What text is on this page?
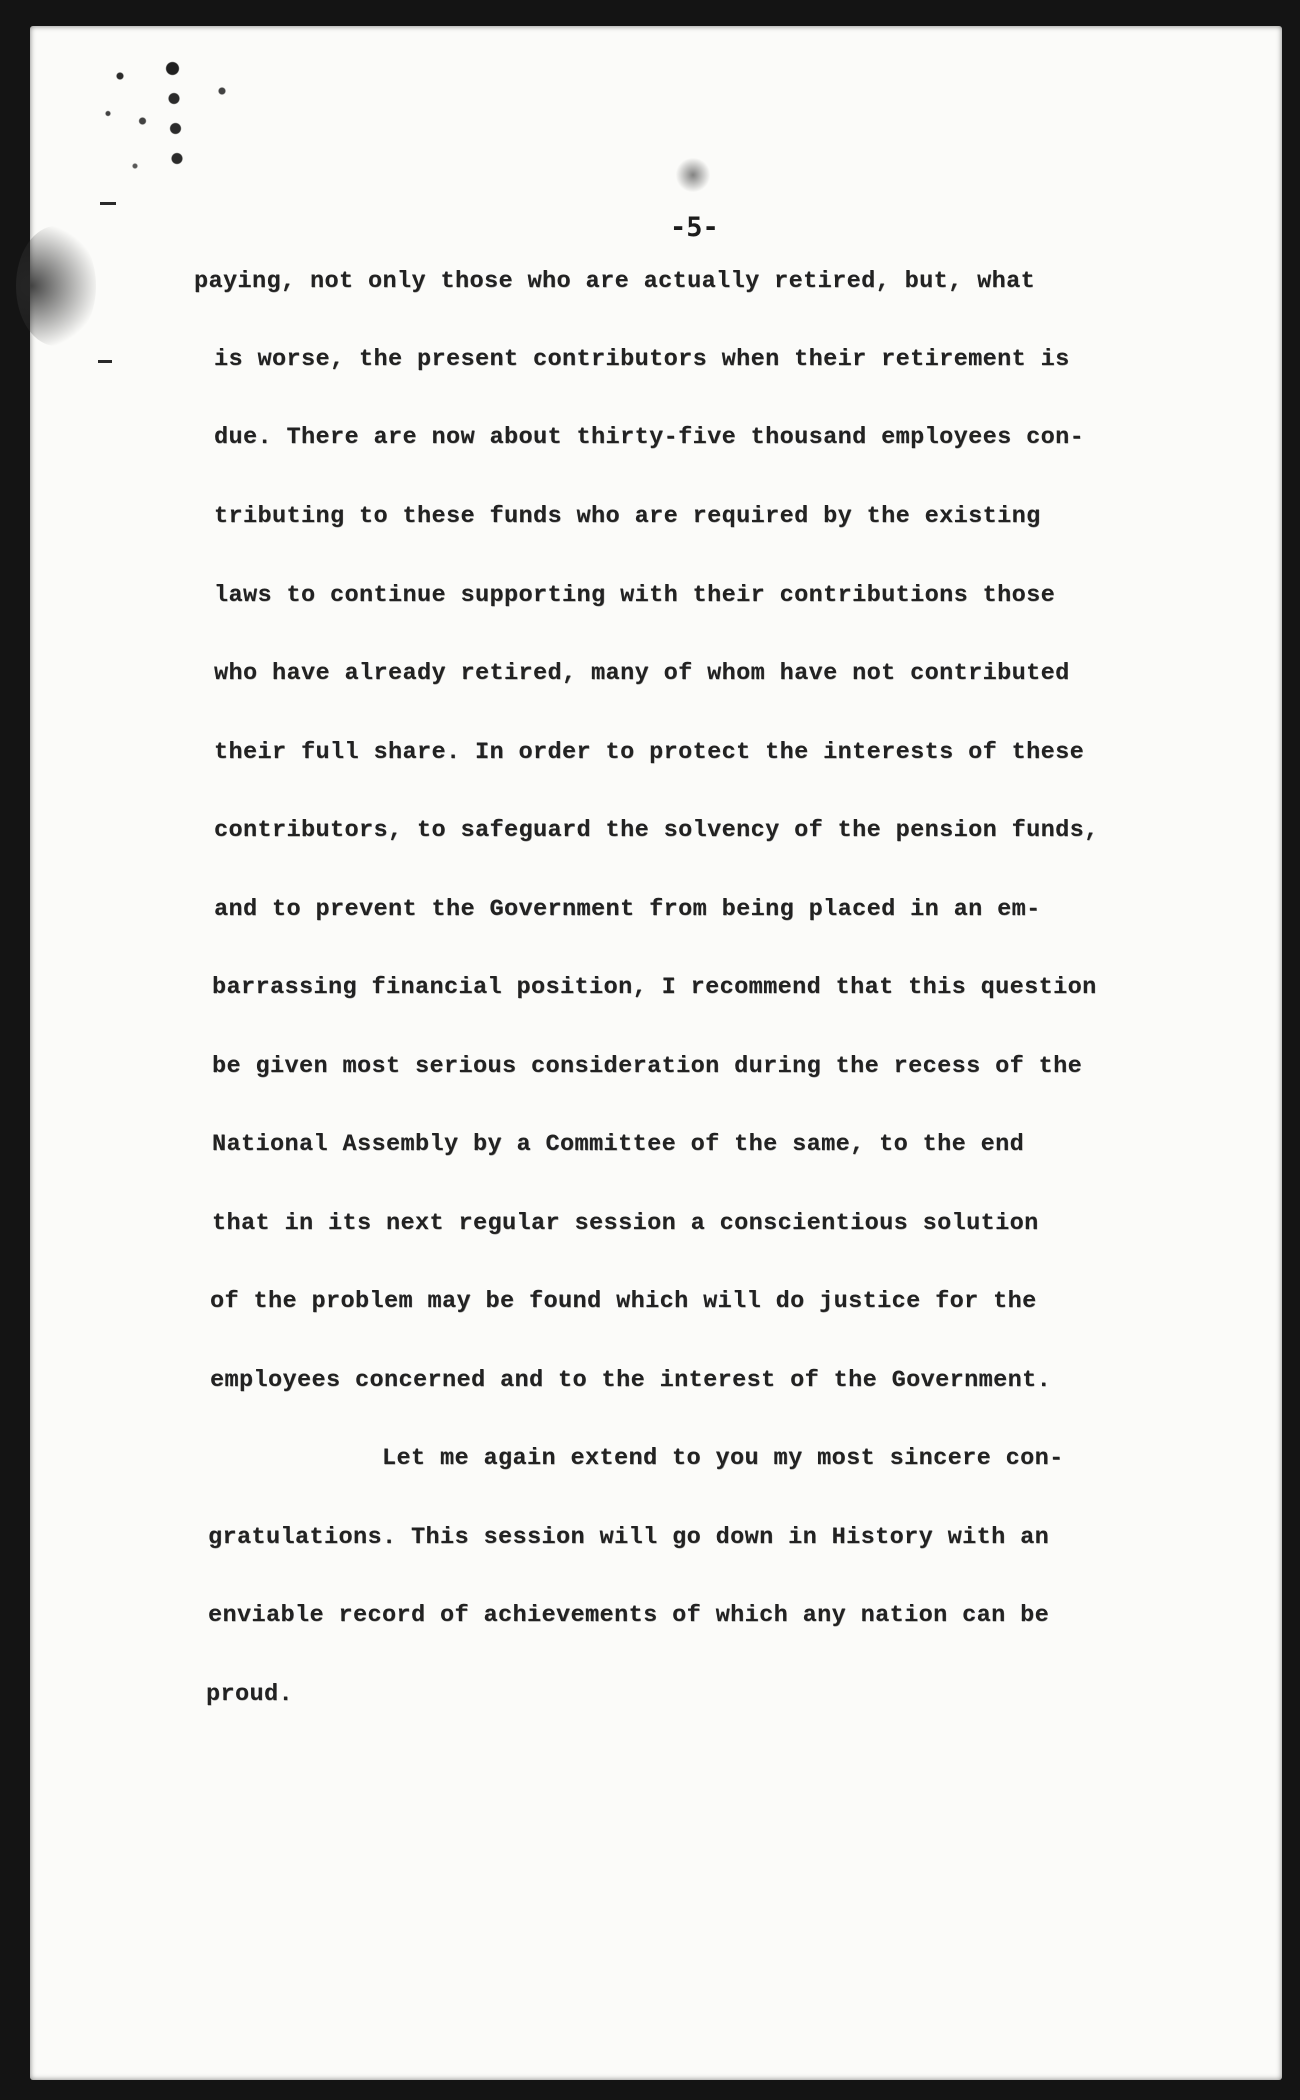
-5-
paying, not only those who are actually retired, but, what
is worse, the present contributors when their retirement is
due. There are now about thirty-five thousand employees con-
tributing to these funds who are required by the existing
laws to continue supporting with their contributions those
who have already retired, many of whom have not contributed
their full share. In order to protect the interests of these
contributors, to safeguard the solvency of the pension funds,
and to prevent the Government from being placed in an em-
barrassing financial position, I recommend that this question
be given most serious consideration during the recess of the
National Assembly by a Committee of the same, to the end
that in its next regular session a conscientious solution
of the problem may be found which will do justice for the
employees concerned and to the interest of the Government.
Let me again extend to you my most sincere con-
gratulations. This session will go down in History with an
enviable record of achievements of which any nation can be
proud.
